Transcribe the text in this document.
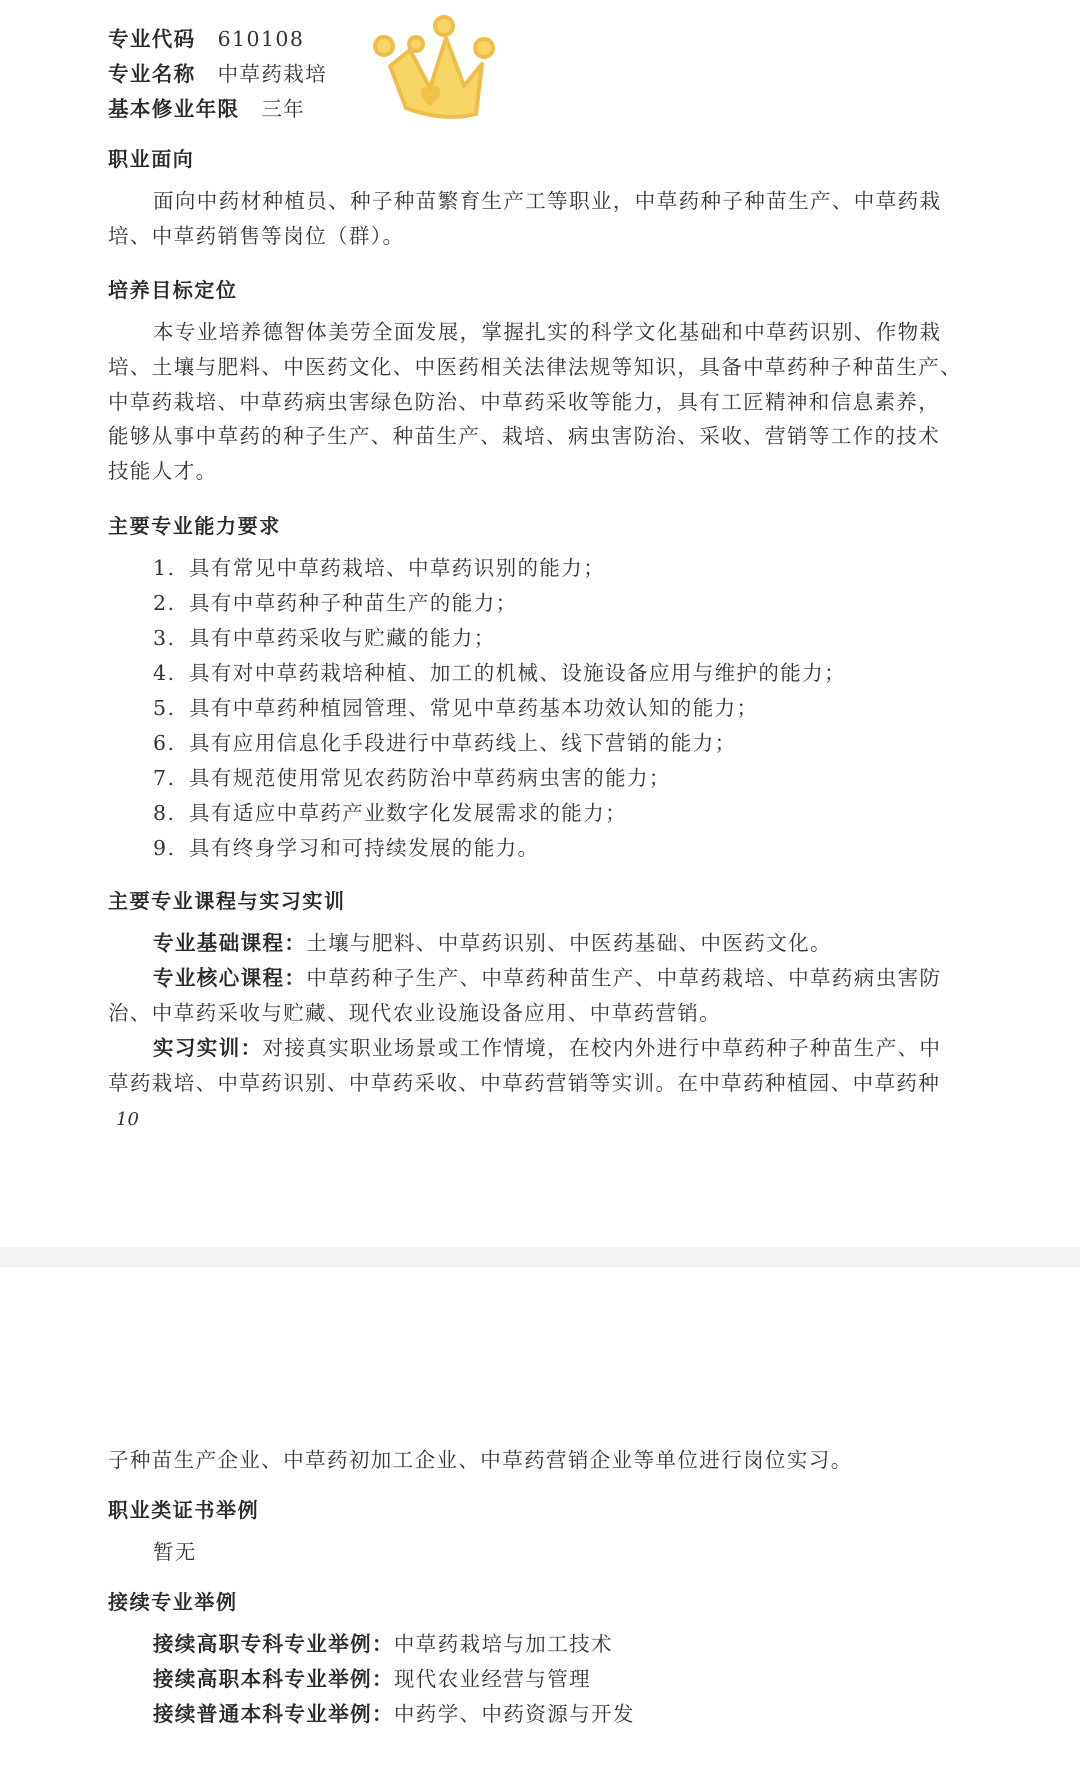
专业代码 610108
专业名称 中草药栽培
基本修业年限 三年
职业面向
面向中药材种植员、种子种苗繁育生产工等职业，中草药种子种苗生产、中草药栽
培、中草药销售等岗位（群）。
培养目标定位
本专业培养德智体美劳全面发展，掌握扎实的科学文化基础和中草药识别、作物栽
培、土壤与肥料、中医药文化、中医药相关法律法规等知识，具备中草药种子种苗生产、
中草药栽培、中草药病虫害绿色防治、中草药采收等能力，具有工匠精神和信息素养，
能够从事中草药的种子生产、种苗生产、栽培、病虫害防治、采收、营销等工作的技术
技能人才。
主要专业能力要求
1. 具有常见中草药栽培、中草药识别的能力；
2. 具有中草药种子种苗生产的能力；
3. 具有中草药采收与贮藏的能力；
4. 具有对中草药栽培种植、加工的机械、设施设备应用与维护的能力；
5. 具有中草药种植园管理、常见中草药基本功效认知的能力；
6. 具有应用信息化手段进行中草药线上、线下营销的能力；
7. 具有规范使用常见农药防治中草药病虫害的能力；
8. 具有适应中草药产业数字化发展需求的能力；
9. 具有终身学习和可持续发展的能力。
主要专业课程与实习实训
专业基础课程：土壤与肥料、中草药识别、中医药基础、中医药文化。
专业核心课程：中草药种子生产、中草药种苗生产、中草药栽培、中草药病虫害防
治、中草药采收与贮藏、现代农业设施设备应用、中草药营销。
实习实训：对接真实职业场景或工作情境，在校内外进行中草药种子种苗生产、中
草药栽培、中草药识别、中草药采收、中草药营销等实训。在中草药种植园、中草药种
10
子种苗生产企业、中草药初加工企业、中草药营销企业等单位进行岗位实习。
职业类证书举例
暂无
接续专业举例
接续高职专科专业举例：中草药栽培与加工技术
接续高职本科专业举例：现代农业经营与管理
接续普通本科专业举例：中药学、中药资源与开发
